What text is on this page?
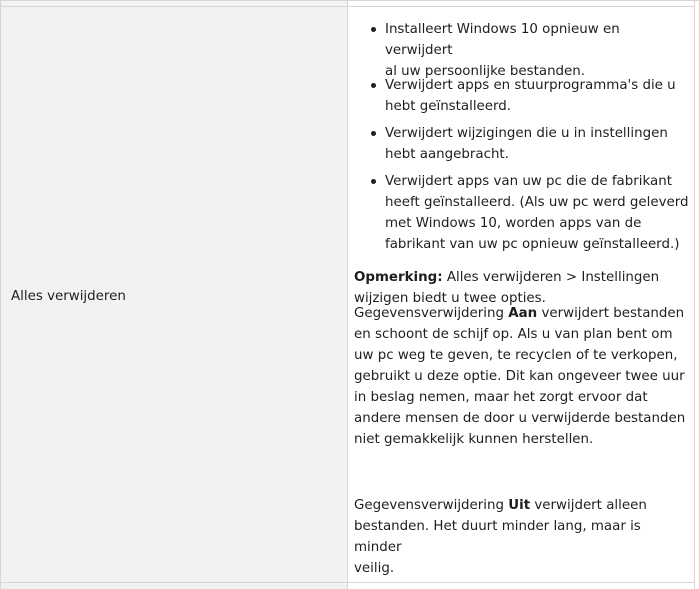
Alles verwijderen
Installeert Windows 10 opnieuw en verwijdert
al uw persoonlijke bestanden.
Verwijdert apps en stuurprogramma's die u
hebt geïnstalleerd.
Verwijdert wijzigingen die u in instellingen
hebt aangebracht.
Verwijdert apps van uw pc die de fabrikant
heeft geïnstalleerd. (Als uw pc werd geleverd
met Windows 10, worden apps van de
fabrikant van uw pc opnieuw geïnstalleerd.)
Opmerking: Alles verwijderen > Instellingen
wijzigen biedt u twee opties.
Gegevensverwijdering Aan verwijdert bestanden
en schoont de schijf op. Als u van plan bent om
uw pc weg te geven, te recyclen of te verkopen,
gebruikt u deze optie. Dit kan ongeveer twee uur
in beslag nemen, maar het zorgt ervoor dat
andere mensen de door u verwijderde bestanden
niet gemakkelijk kunnen herstellen.
Gegevensverwijdering Uit verwijdert alleen
bestanden. Het duurt minder lang, maar is minder
veilig.
